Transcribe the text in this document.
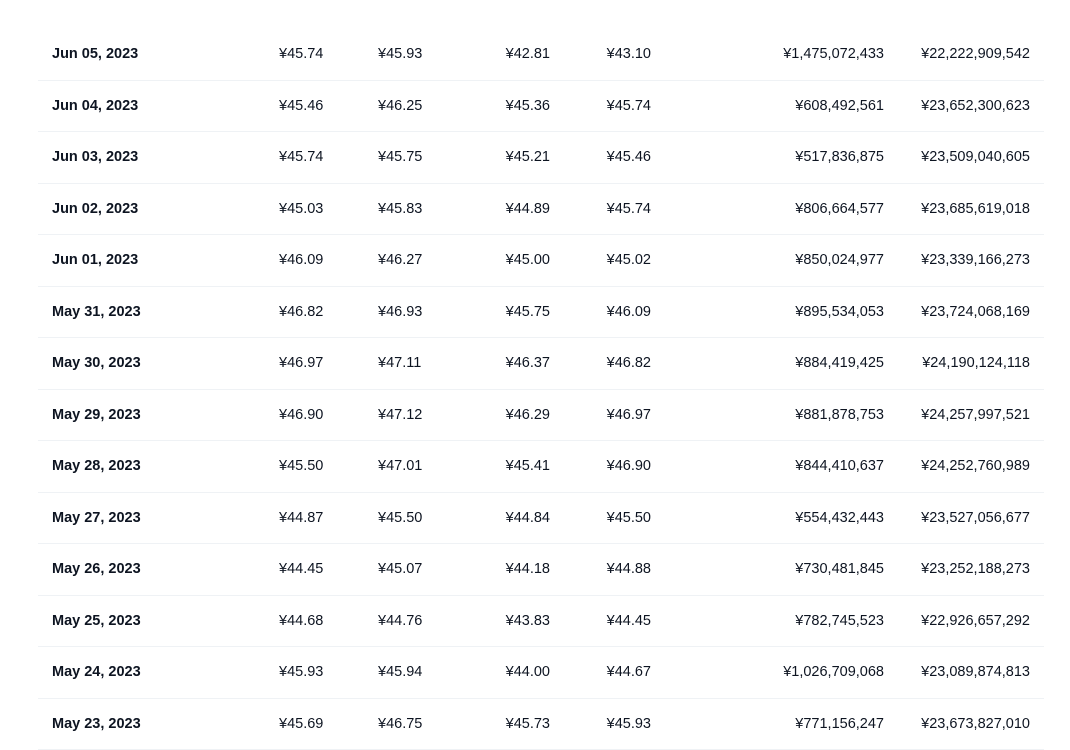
Jun 05, 2023	¥45.74	¥45.93	¥42.81	¥43.10	¥1,475,072,433	¥22,222,909,542
Jun 04, 2023	¥45.46	¥46.25	¥45.36	¥45.74	¥608,492,561	¥23,652,300,623
Jun 03, 2023	¥45.74	¥45.75	¥45.21	¥45.46	¥517,836,875	¥23,509,040,605
Jun 02, 2023	¥45.03	¥45.83	¥44.89	¥45.74	¥806,664,577	¥23,685,619,018
Jun 01, 2023	¥46.09	¥46.27	¥45.00	¥45.02	¥850,024,977	¥23,339,166,273
May 31, 2023	¥46.82	¥46.93	¥45.75	¥46.09	¥895,534,053	¥23,724,068,169
May 30, 2023	¥46.97	¥47.11	¥46.37	¥46.82	¥884,419,425	¥24,190,124,118
May 29, 2023	¥46.90	¥47.12	¥46.29	¥46.97	¥881,878,753	¥24,257,997,521
May 28, 2023	¥45.50	¥47.01	¥45.41	¥46.90	¥844,410,637	¥24,252,760,989
May 27, 2023	¥44.87	¥45.50	¥44.84	¥45.50	¥554,432,443	¥23,527,056,677
May 26, 2023	¥44.45	¥45.07	¥44.18	¥44.88	¥730,481,845	¥23,252,188,273
May 25, 2023	¥44.68	¥44.76	¥43.83	¥44.45	¥782,745,523	¥22,926,657,292
May 24, 2023	¥45.93	¥45.94	¥44.00	¥44.67	¥1,026,709,068	¥23,089,874,813
May 23, 2023	¥45.69	¥46.75	¥45.73	¥45.93	¥771,156,247	¥23,673,827,010
